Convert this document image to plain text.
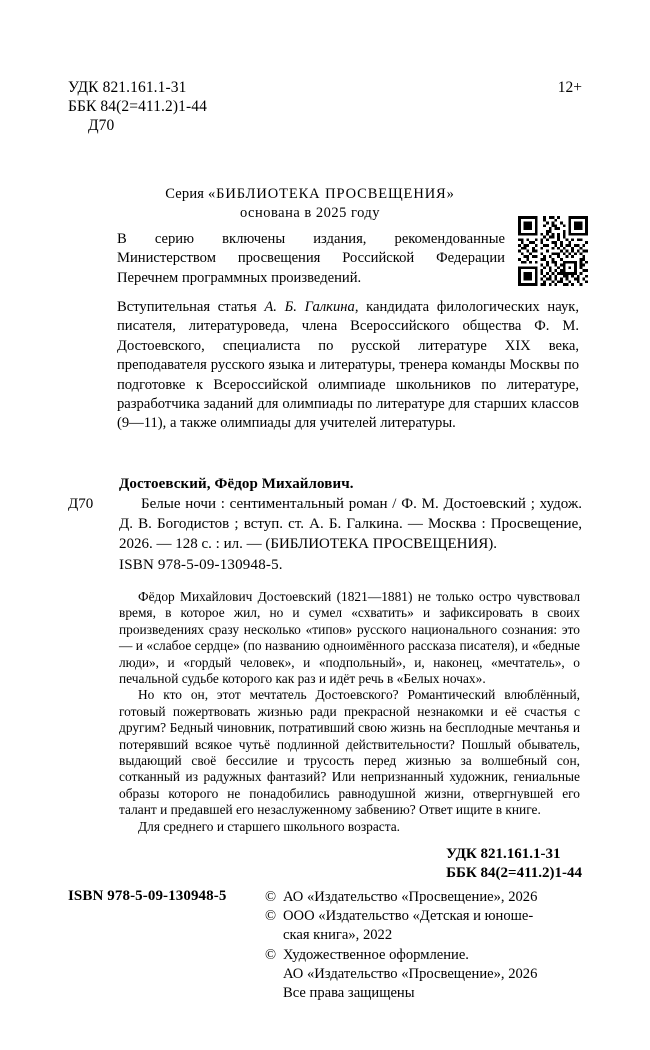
УДК 821.161.1-31
ББК 84(2=411.2)1-44
Д70
12+
Серия «БИБЛИОТЕКА ПРОСВЕЩЕНИЯ»
основана в 2025 году
В серию включены издания, рекомендованные Министерством просвещения Российской Федерации Перечнем программных произведений.
Вступительная статья А. Б. Галкина, кандидата филологических наук, писателя, литературоведа, члена Всероссийского общества Ф. М. Достоевского, специалиста по русской литературе XIX века, преподавателя русского языка и литературы, тренера команды Москвы по подготовке к Всероссийской олимпиаде школьников по литературе, разработчика заданий для олимпиады по литературе для старших классов (9—11), а также олимпиады для учителей литературы.
Достоевский, Фёдор Михайлович.
Д70	Белые ночи : сентиментальный роман / Ф. М. Достоевский ; худож. Д. В. Богодистов ; вступ. ст. А. Б. Галкина. — Москва : Просвещение, 2026. — 128 с. : ил. — (БИБЛИОТЕКА ПРОСВЕЩЕНИЯ).
ISBN 978-5-09-130948-5.

Фёдор Михайлович Достоевский (1821—1881) не только остро чувствовал время, в которое жил, но и сумел «схватить» и зафиксировать в своих произведениях сразу несколько «типов» русского национального сознания: это — и «слабое сердце» (по названию одноимённого рассказа писателя), и «бедные люди», и «гордый человек», и «подпольный», и, наконец, «мечтатель», о печальной судьбе которого как раз и идёт речь в «Белых ночах».

Но кто он, этот мечтатель Достоевского? Романтический влюблённый, готовый пожертвовать жизнью ради прекрасной незнакомки и её счастья с другим? Бедный чиновник, потративший свою жизнь на бесплодные мечтанья и потерявший всякое чутьё подлинной действительности? Пошлый обыватель, выдающий своё бессилие и трусость перед жизнью за волшебный сон, сотканный из радужных фантазий? Или непризнанный художник, гениальные образы которого не понадобились равнодушной жизни, отвергнувшей его талант и предавшей его незаслуженному забвению? Ответ ищите в книге.

Для среднего и старшего школьного возраста.

УДК 821.161.1-31
ББК 84(2=411.2)1-44
ISBN 978-5-09-130948-5	© АО «Издательство «Просвещение», 2026
© ООО «Издательство «Детская и юноше-
ская книга», 2022
© Художественное оформление.
АО «Издательство «Просвещение», 2026
Все права защищены
